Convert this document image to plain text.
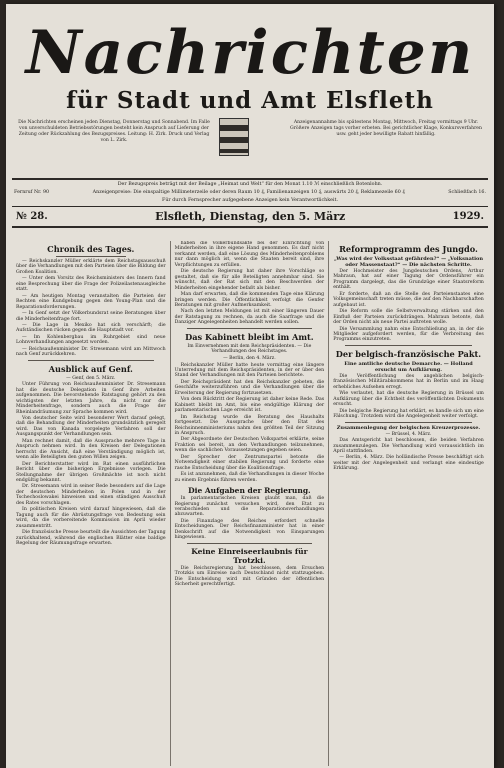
Nachrichten
für Stadt und Amt Elsfleth
Die Nachrichten erscheinen jeden Dienstag, Donnerstag und Sonnabend. Im Falle von unverschuldeten Betriebsstörungen besteht kein Anspruch auf Lieferung der Zeitung oder Rückzahlung des Bezugspreises. Leitung: H. Zirk. Druck und Verlag von L. Zirk.
Anzeigenannahme bis spätestens Montag, Mittwoch, Freitag vormittags 9 Uhr. Größere Anzeigen tags vorher erbeten. Bei gerichtlicher Klage, Konkursverfahren usw. geht jeder bewilligte Rabatt hinfällig.
Der Bezugspreis beträgt mit der Beilage „Heimat und Welt“ für den Monat 1.10 ℳ einschließlich Botenlohn.
Fernruf Nr. 90	Anzeigenpreise: Die einspaltige Millimeterzeile oder deren Raum 10 ₰, Familienanzeigen 10 ₰, auswärts 20 ₰, Reklamezeile 60 ₰	Schließfach 16.
Für durch Fernsprecher aufgegebene Anzeigen kein Verantwortlichkeit.
№ 28.	Elsfleth, Dienstag, den 5. März	1929.
Chronik des Tages.

— Reichskanzler Müller erklärte dem Reichstagsausschuß über die Verhandlungen mit den Parteien über die Bildung der Großen Koalition.

— Unter dem Vorsitz des Reichsministers des Innern fand eine Besprechung über die Frage der Polizeilastenausgleiche statt.

— Am heutigen Montag veranstalten die Parteien der Rechten eine Kundgebung gegen den Young-Plan und die Reparationsforderungen.

— In Genf setzt der Völkerbundsrat seine Beratungen über die Minderheitenfrage fort.

— Die Lage in Mexiko hat sich verschärft; die Aufständischen rücken gegen die Hauptstadt vor.

— Im Kohlenbergbau im Ruhrgebiet sind neue Lohnverhandlungen angesetzt worden.

— Reichsaußenminister Dr. Stresemann wird am Mittwoch nach Genf zurückkehren.

Ausblick auf Genf.
— Genf, den 5. März.

Unter Führung von Reichsaußenminister Dr. Stresemann hat die deutsche Delegation in Genf ihre Arbeiten aufgenommen. Die bevorstehende Ratstagung gehört zu den wichtigsten der letzten Jahre, da nicht nur die Minderheitenfrage, sondern auch die Frage der Rheinlandräumung zur Sprache kommen wird.

Von deutscher Seite wird besonderer Wert darauf gelegt, daß die Behandlung der Minderheiten grundsätzlich geregelt wird. Das von Kanada vorgelegte Verfahren soll der Ausgangspunkt der Verhandlungen sein.

Man rechnet damit, daß die Aussprache mehrere Tage in Anspruch nehmen wird. In den Kreisen der Delegationen herrscht die Ansicht, daß eine Verständigung möglich ist, wenn alle Beteiligten den guten Willen zeigen.

Der Berichterstatter wird im Rat einen ausführlichen Bericht über die bisherigen Ergebnisse vorlegen. Die Stellungnahme der übrigen Großmächte ist noch nicht endgültig bekannt.

Dr. Stresemann wird in seiner Rede besonders auf die Lage der deutschen Minderheiten in Polen und in der Tschechoslowakei hinweisen und einen ständigen Ausschuß des Rates vorschlagen.

In politischen Kreisen wird darauf hingewiesen, daß die Tagung auch für die Abrüstungsfrage von Bedeutung sein wird, da die vorbereitende Kommission im April wieder zusammentritt.

Die französische Presse beurteilt die Aussichten der Tagung zurückhaltend, während die englischen Blätter eine baldige Regelung der Räumungsfrage erwarten.

haben die Völkerbundsakte bei der Einrichtung von Minderheiten in ihre eigene Hand genommen. Es darf nicht verkannt werden, daß eine Lösung des Minderheitenproblems nur dann möglich ist, wenn die Staaten bereit sind, ihre Verpflichtungen zu erfüllen.

Die deutsche Regierung hat daher ihre Vorschläge so gestaltet, daß sie für alle Beteiligten annehmbar sind. Sie wünscht, daß der Rat sich mit den Beschwerden der Minderheiten eingehender befaßt als bisher.

Man darf erwarten, daß die kommenden Tage eine Klärung bringen werden. Die Öffentlichkeit verfolgt die Genfer Beratungen mit großer Aufmerksamkeit.

Nach den letzten Meldungen ist mit einer längeren Dauer der Ratstagung zu rechnen, da auch die Saarfrage und die Danziger Angelegenheiten behandelt werden sollen.

Das Kabinett bleibt im Amt.
Im Einvernehmen mit dem Reichspräsidenten. — Die Verhandlungen des Reichstages.
— Berlin, den 4. März.

Reichskanzler Müller hatte heute vormittag eine längere Unterredung mit dem Reichspräsidenten, in der er über den Stand der Verhandlungen mit den Parteien berichtete.

Der Reichspräsident hat den Reichskanzler gebeten, die Geschäfte weiterzuführen und die Verhandlungen über die Erweiterung der Regierung fortzusetzen.

Von dem Rücktritt der Regierung ist daher keine Rede. Das Kabinett bleibt im Amt, bis eine endgültige Klärung der parlamentarischen Lage erreicht ist.

Im Reichstag wurde die Beratung des Haushalts fortgesetzt. Die Aussprache über den Etat des Reichsinnenministeriums nahm den größten Teil der Sitzung in Anspruch.

Der Abgeordnete der Deutschen Volkspartei erklärte, seine Fraktion sei bereit, an den Verhandlungen teilzunehmen, wenn die sachlichen Voraussetzungen gegeben seien.

Der Sprecher der Zentrumspartei betonte die Notwendigkeit einer stabilen Regierung und forderte eine rasche Entscheidung über die Koalitionsfrage.

Es ist anzunehmen, daß die Verhandlungen in dieser Woche zu einem Ergebnis führen werden.

Die Aufgaben der Regierung.

In parlamentarischen Kreisen glaubt man, daß die Regierung zunächst versuchen wird, den Etat zu verabschieden und die Reparationsverhandlungen abzuwarten.

Die Finanzlage des Reiches erfordert schnelle Entscheidungen. Der Reichsfinanzminister hat in einer Denkschrift auf die Notwendigkeit von Einsparungen hingewiesen.

Keine Einreiseerlaubnis für Trotzki.

Die Reichsregierung hat beschlossen, dem Ersuchen Trotzkis um Einreise nach Deutschland nicht stattzugeben. Die Entscheidung wird mit Gründen der öffentlichen Sicherheit gerechtfertigt.

Reformprogramm des Jungdo.
„Was wird der Volksstaat gefährden?“ — „Volksnation oder Massenstaat?“ — Die nächsten Schritte.

Der Hochmeister des Jungdeutschen Ordens, Arthur Mahraun, hat auf einer Tagung der Ordensführer ein Programm dargelegt, das die Grundzüge einer Staatsreform enthält.

Er forderte, daß an die Stelle des Parteienstaates eine Volksgemeinschaft treten müsse, die auf den Nachbarschaften aufgebaut ist.

Die Reform solle die Selbstverwaltung stärken und den Einfluß der Parteien zurückdrängen. Mahraun betonte, daß der Orden nicht als neue Partei auftreten wolle.

Die Versammlung nahm eine Entschließung an, in der die Mitglieder aufgefordert werden, für die Verbreitung des Programms einzutreten.

Der belgisch-französische Pakt.
Eine amtliche deutsche Demarche. — Holland ersucht um Aufklärung.

Die Veröffentlichung des angeblichen belgisch-französischen Militärabkommens hat in Berlin und im Haag erhebliches Aufsehen erregt.

Wie verlautet, hat die deutsche Regierung in Brüssel um Aufklärung über die Echtheit des veröffentlichten Dokuments ersucht.

Die belgische Regierung hat erklärt, es handle sich um eine Fälschung. Trotzdem wird die Angelegenheit weiter verfolgt.

Zusammenlegung der belgischen Kreuzerprozesse.
— Brüssel, 4. März.

Das Amtsgericht hat beschlossen, die beiden Verfahren zusammenzulegen. Die Verhandlung wird voraussichtlich im April stattfinden.

— Berlin, 4. März. Die holländische Presse beschäftigt sich weiter mit der Angelegenheit und verlangt eine eindeutige Erklärung.
